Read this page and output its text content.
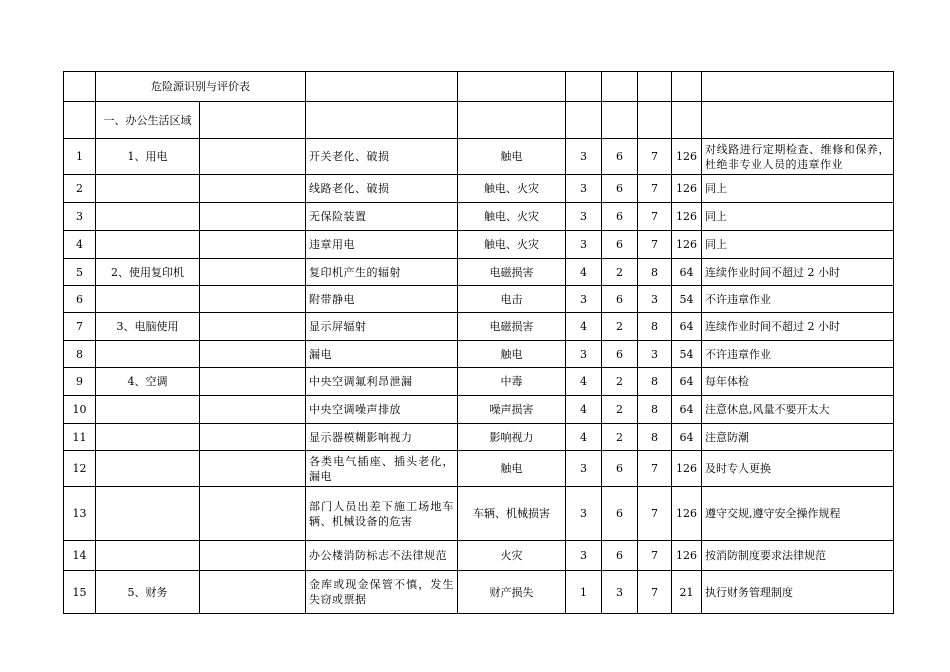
	危险源识别与评价表								
	一、办公生活区域								
1	1、用电		开关老化、破损	触电	3	6	7	126	对线路进行定期检查、维修和保养，杜绝非专业人员的违章作业
2			线路老化、破损	触电、火灾	3	6	7	126	同上
3			无保险装置	触电、火灾	3	6	7	126	同上
4			违章用电	触电、火灾	3	6	7	126	同上
5	2、使用复印机		复印机产生的辐射	电磁损害	4	2	8	64	连续作业时间不超过 2 小时
6			附带静电	电击	3	6	3	54	不许违章作业
7	3、电脑使用		显示屏辐射	电磁损害	4	2	8	64	连续作业时间不超过 2 小时
8			漏电	触电	3	6	3	54	不许违章作业
9	4、空调		中央空调氟利昂泄漏	中毒	4	2	8	64	每年体检
10			中央空调噪声排放	噪声损害	4	2	8	64	注意休息,风量不要开太大
11			显示器模糊影响视力	影响视力	4	2	8	64	注意防潮
12			各类电气插座、插头老化，漏电	触电	3	6	7	126	及时专人更换
13			部门人员出差下施工场地车辆、机械设备的危害	车辆、机械损害	3	6	7	126	遵守交规,遵守安全操作规程
14			办公楼消防标志不法律规范	火灾	3	6	7	126	按消防制度要求法律规范
15	5、财务		金库或现金保管不慎，发生失窃或票据	财产损失	1	3	7	21	执行财务管理制度
